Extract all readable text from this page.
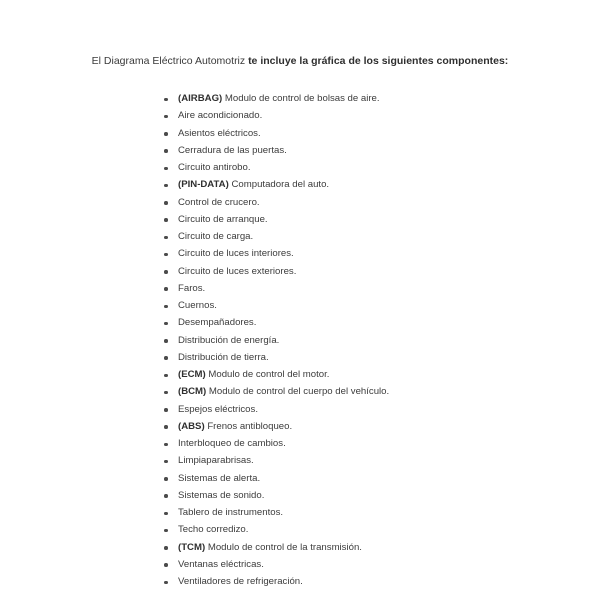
El Diagrama Eléctrico Automotriz te incluye la gráfica de los siguientes componentes:

(AIRBAG) Modulo de control de bolsas de aire.
Aire acondicionado.
Asientos eléctricos.
Cerradura de las puertas.
Circuito antirobo.
(PIN-DATA) Computadora del auto.
Control de crucero.
Circuito de arranque.
Circuito de carga.
Circuito de luces interiores.
Circuito de luces exteriores.
Faros.
Cuernos.
Desempañadores.
Distribución de energía.
Distribución de tierra.
(ECM) Modulo de control del motor.
(BCM) Modulo de control del cuerpo del vehículo.
Espejos eléctricos.
(ABS) Frenos antibloqueo.
Interbloqueo de cambios.
Limpiaparabrisas.
Sistemas de alerta.
Sistemas de sonido.
Tablero de instrumentos.
Techo corredizo.
(TCM) Modulo de control de la transmisión.
Ventanas eléctricas.
Ventiladores de refrigeración.
